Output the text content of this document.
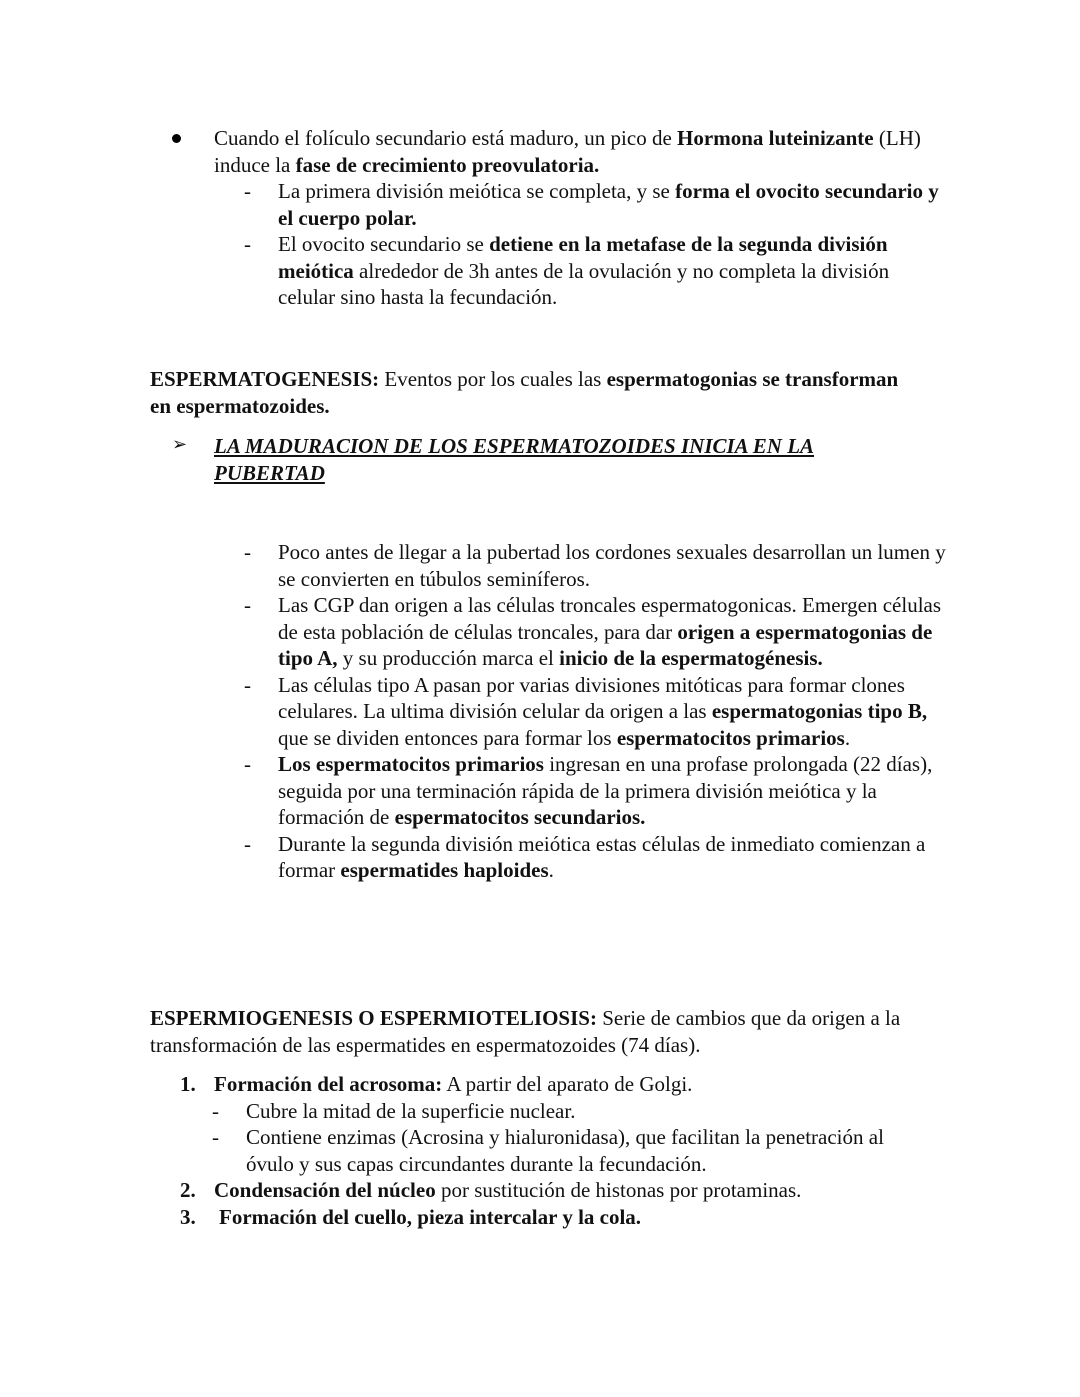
Cuando el folículo secundario está maduro, un pico de Hormona luteinizante (LH) induce la fase de crecimiento preovulatoria.

- La primera división meiótica se completa, y se forma el ovocito secundario y el cuerpo polar.

- El ovocito secundario se detiene en la metafase de la segunda división meiótica alrededor de 3h antes de la ovulación y no completa la división celular sino hasta la fecundación.

ESPERMATOGENESIS: Eventos por los cuales las espermatogonias se transforman en espermatozoides.

➢ LA MADURACION DE LOS ESPERMATOZOIDES INICIA EN LA PUBERTAD

- Poco antes de llegar a la pubertad los cordones sexuales desarrollan un lumen y se convierten en túbulos seminíferos.

- Las CGP dan origen a las células troncales espermatogonicas. Emergen células de esta población de células troncales, para dar origen a espermatogonias de tipo A, y su producción marca el inicio de la espermatogénesis.

- Las células tipo A pasan por varias divisiones mitóticas para formar clones celulares. La ultima división celular da origen a las espermatogonias tipo B, que se dividen entonces para formar los espermatocitos primarios.

- Los espermatocitos primarios ingresan en una profase prolongada (22 días), seguida por una terminación rápida de la primera división meiótica y la formación de espermatocitos secundarios.

- Durante la segunda división meiótica estas células de inmediato comienzan a formar espermatides haploides.

ESPERMIOGENESIS O ESPERMIOTELIOSIS: Serie de cambios que da origen a la transformación de las espermatides en espermatozoides (74 días).

1. Formación del acrosoma: A partir del aparato de Golgi.

- Cubre la mitad de la superficie nuclear.

- Contiene enzimas (Acrosina y hialuronidasa), que facilitan la penetración al óvulo y sus capas circundantes durante la fecundación.

2. Condensación del núcleo por sustitución de histonas por protaminas.

3. Formación del cuello, pieza intercalar y la cola.
